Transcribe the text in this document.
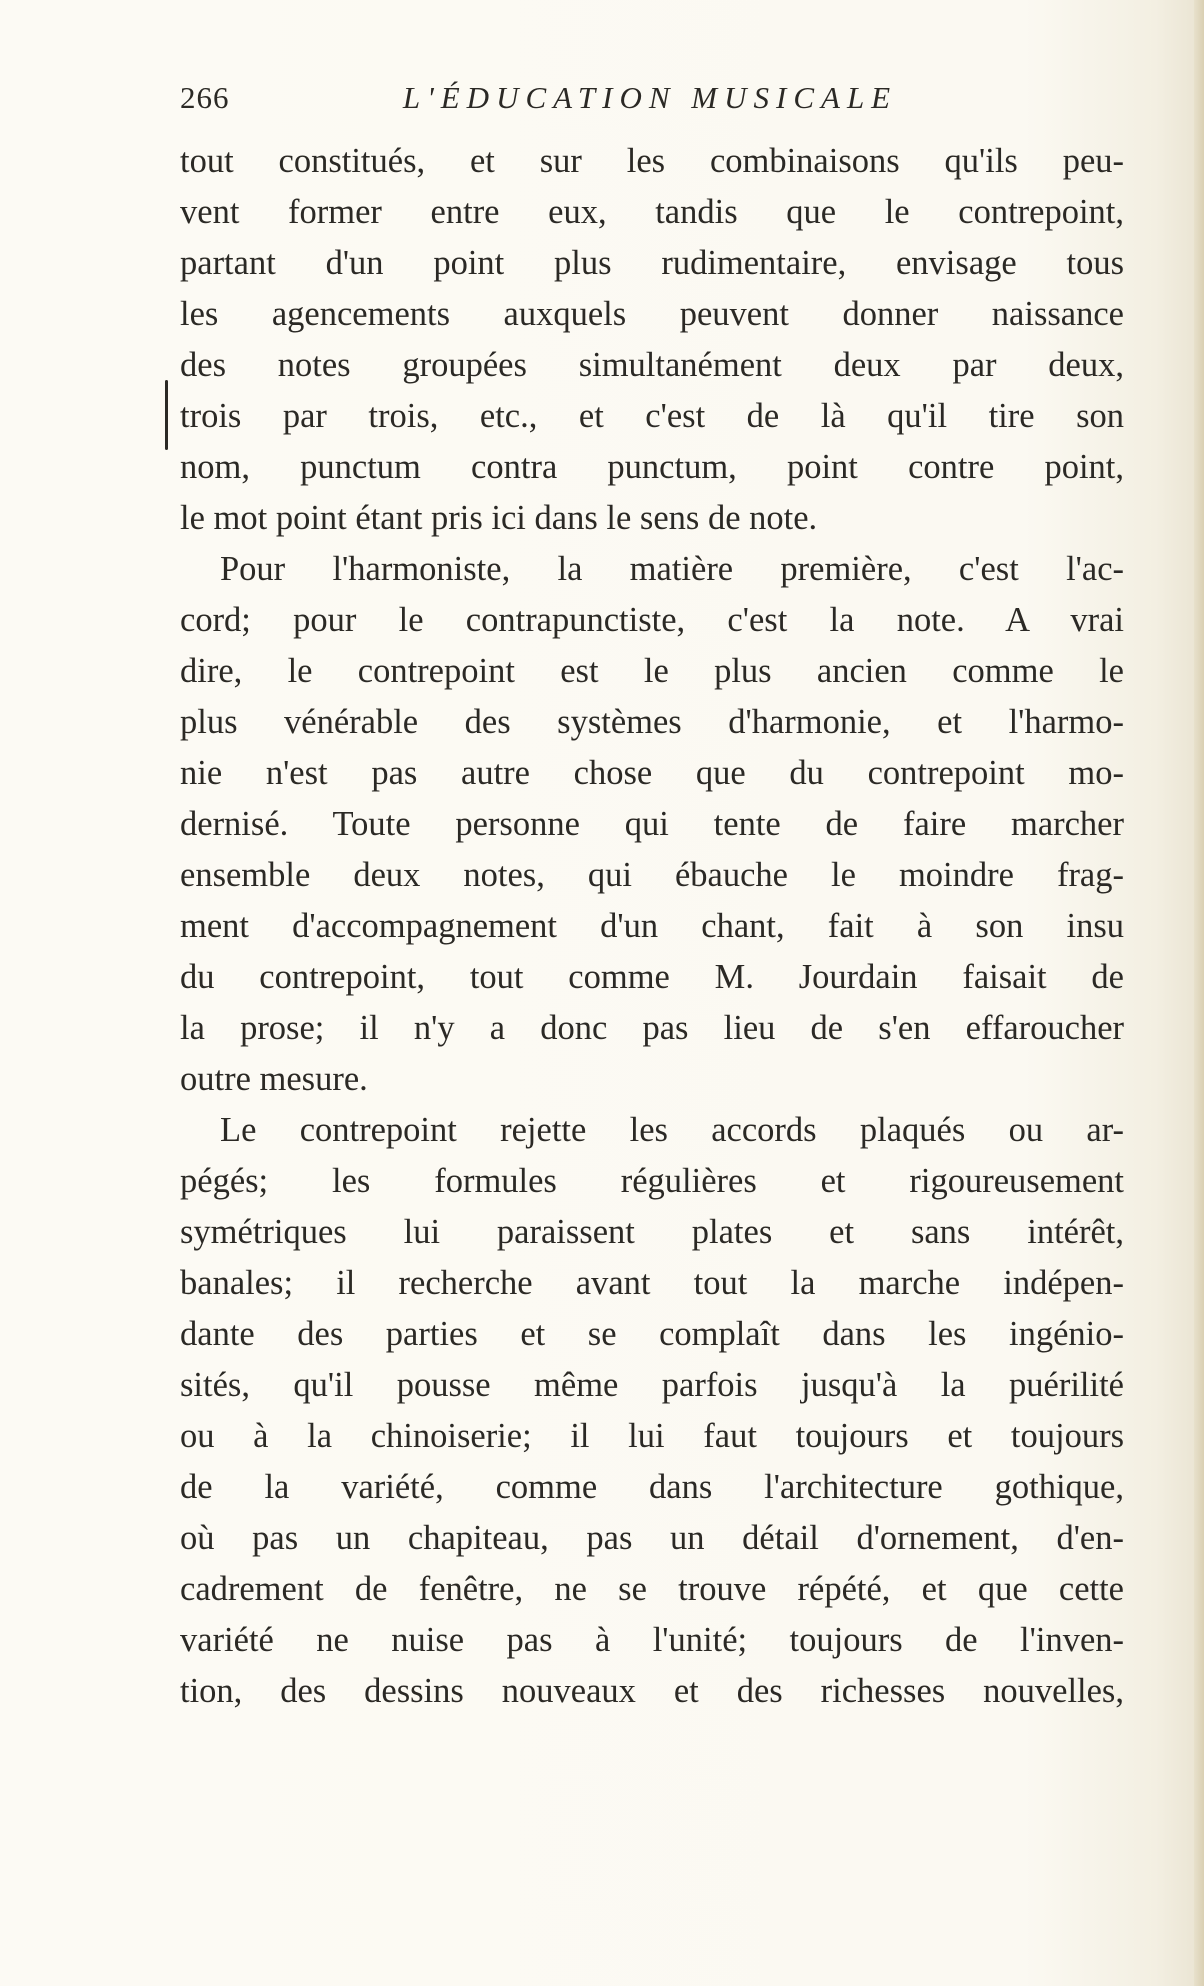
266	L'ÉDUCATION MUSICALE
tout constitués, et sur les combinaisons qu'ils peu-
vent former entre eux, tandis que le contrepoint,
partant d'un point plus rudimentaire, envisage tous
les agencements auxquels peuvent donner naissance
des notes groupées simultanément deux par deux,
trois par trois, etc., et c'est de là qu'il tire son
nom, punctum contra punctum, point contre point,
le mot point étant pris ici dans le sens de note.
Pour l'harmoniste, la matière première, c'est l'ac-
cord; pour le contrapunctiste, c'est la note. A vrai
dire, le contrepoint est le plus ancien comme le
plus vénérable des systèmes d'harmonie, et l'harmo-
nie n'est pas autre chose que du contrepoint mo-
dernisé. Toute personne qui tente de faire marcher
ensemble deux notes, qui ébauche le moindre frag-
ment d'accompagnement d'un chant, fait à son insu
du contrepoint, tout comme M. Jourdain faisait de
la prose; il n'y a donc pas lieu de s'en effaroucher
outre mesure.
Le contrepoint rejette les accords plaqués ou ar-
pégés; les formules régulières et rigoureusement
symétriques lui paraissent plates et sans intérêt,
banales; il recherche avant tout la marche indépen-
dante des parties et se complaît dans les ingénio-
sités, qu'il pousse même parfois jusqu'à la puérilité
ou à la chinoiserie; il lui faut toujours et toujours
de la variété, comme dans l'architecture gothique,
où pas un chapiteau, pas un détail d'ornement, d'en-
cadrement de fenêtre, ne se trouve répété, et que cette
variété ne nuise pas à l'unité; toujours de l'inven-
tion, des dessins nouveaux et des richesses nouvelles,
